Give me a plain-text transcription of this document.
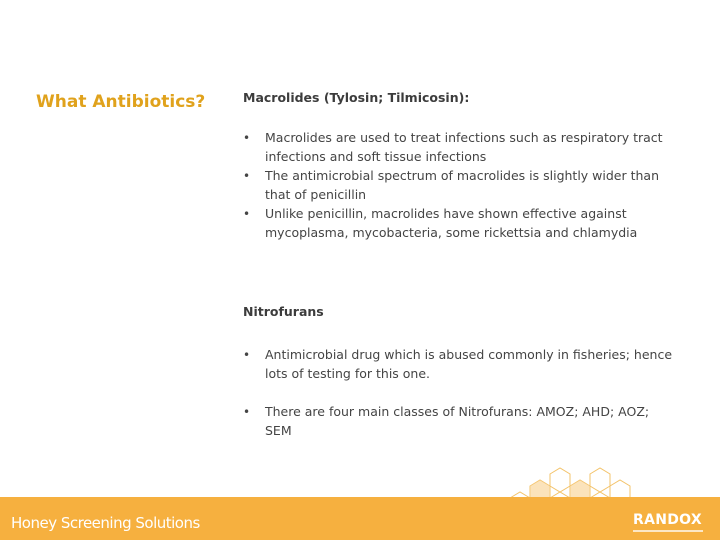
What Antibiotics?	Macrolides (Tylosin; Tilmicosin):
• Macrolides are used to treat infections such as respiratory tract infections and soft tissue infections
• The antimicrobial spectrum of macrolides is slightly wider than that of penicillin
• Unlike penicillin, macrolides have shown effective against mycoplasma, mycobacteria, some rickettsia and chlamydia
Nitrofurans
• Antimicrobial drug which is abused commonly in fisheries; hence lots of testing for this one.
• There are four main classes of Nitrofurans: AMOZ; AHD; AOZ; SEM
Honey Screening Solutions	RANDOX
